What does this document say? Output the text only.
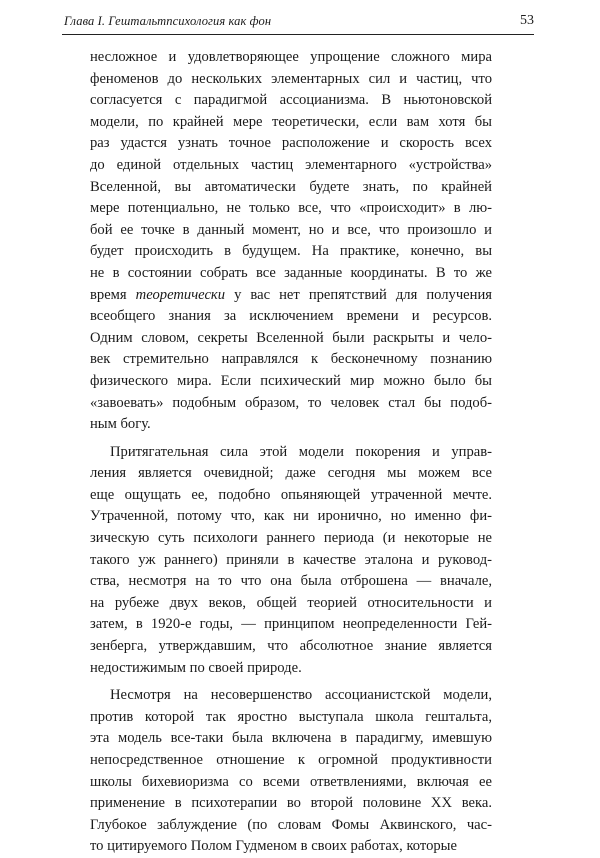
Глава I. Гештальтпсихология как фон	53
несложное и удовлетворяющее упрощение сложного мира
феноменов до нескольких элементарных сил и частиц, что
согласуется с парадигмой ассоцианизма. В ньютоновской
модели, по крайней мере теоретически, если вам хотя бы
раз удастся узнать точное расположение и скорость всех
до единой отдельных частиц элементарного «устройства»
Вселенной, вы автоматически будете знать, по крайней
мере потенциально, не только все, что «происходит» в лю-
бой ее точке в данный момент, но и все, что произошло и
будет происходить в будущем. На практике, конечно, вы
не в состоянии собрать все заданные координаты. В то же
время теоретически у вас нет препятствий для получения
всеобщего знания за исключением времени и ресурсов.
Одним словом, секреты Вселенной были раскрыты и чело-
век стремительно направлялся к бесконечному познанию
физического мира. Если психический мир можно было бы
«завоевать» подобным образом, то человек стал бы подоб-
ным богу.
Притягательная сила этой модели покорения и управ-
ления является очевидной; даже сегодня мы можем все
еще ощущать ее, подобно опьяняющей утраченной мечте.
Утраченной, потому что, как ни иронично, но именно фи-
зическую суть психологи раннего периода (и некоторые не
такого уж раннего) приняли в качестве эталона и руковод-
ства, несмотря на то что она была отброшена — вначале,
на рубеже двух веков, общей теорией относительности и
затем, в 1920-е годы, — принципом неопределенности Гей-
зенберга, утверждавшим, что абсолютное знание является
недостижимым по своей природе.
Несмотря на несовершенство ассоцианистской модели,
против которой так яростно выступала школа гештальта,
эта модель все-таки была включена в парадигму, имевшую
непосредственное отношение к огромной продуктивности
школы бихевиоризма со всеми ответвлениями, включая ее
применение в психотерапии во второй половине XX века.
Глубокое заблуждение (по словам Фомы Аквинского, час-
то цитируемого Полом Гудменом в своих работах, которые
